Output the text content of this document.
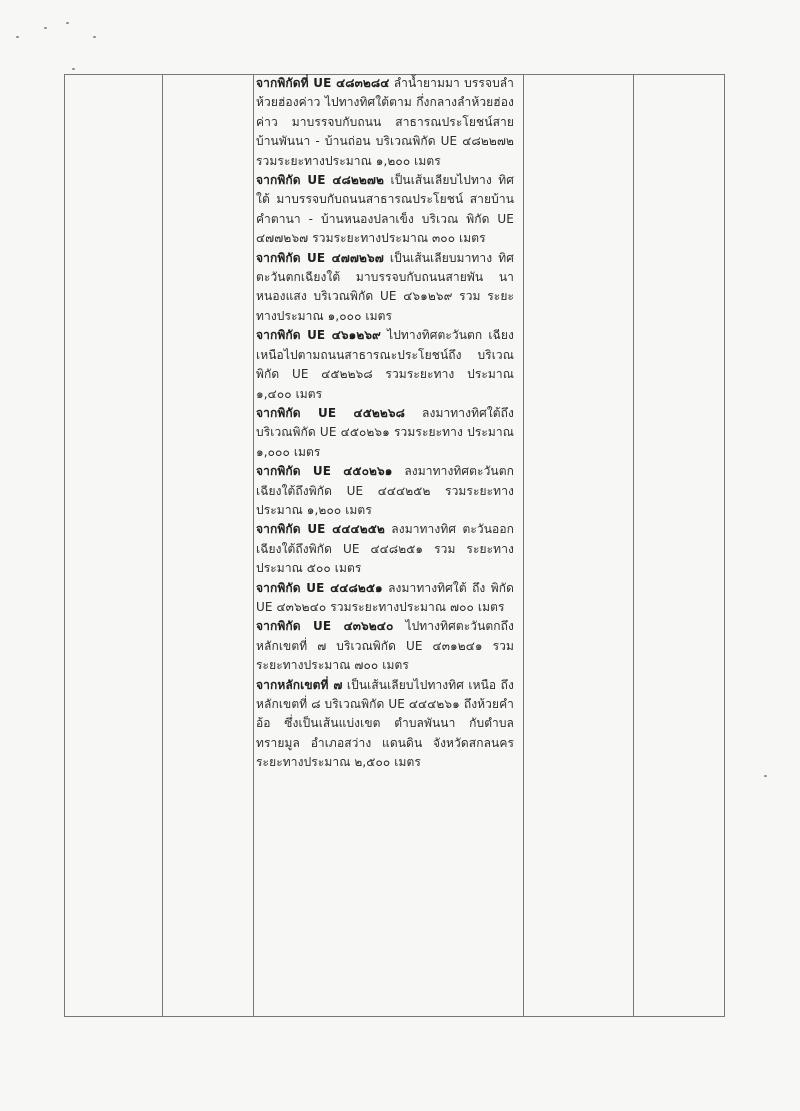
จากพิกัดที่ UE ๔๘๓๒๘๔ ลำน้ำยามมา บรรจบลำห้วยฮ่องค่าว ไปทางทิศใต้ตาม กึ่งกลางลำห้วยฮ่องค่าว มาบรรจบกับถนน สาธารณประโยชน์สายบ้านพันนา - บ้านถ่อน บริเวณพิกัด UE ๔๘๒๒๗๒ รวมระยะทางประมาณ ๑,๒๐๐ เมตร

จากพิกัด UE ๔๘๒๒๗๒ เป็นเส้นเลียบไปทาง ทิศใต้ มาบรรจบกับถนนสาธารณประโยชน์ สายบ้านคำตานา - บ้านหนองปลาเข็ง บริเวณ พิกัด UE ๔๗๗๒๖๗ รวมระยะทางประมาณ ๓๐๐ เมตร

จากพิกัด UE ๔๗๗๒๖๗ เป็นเส้นเลียบมาทาง ทิศตะวันตกเฉียงใต้ มาบรรจบกับถนนสายพัน นาหนองแสง บริเวณพิกัด UE ๔๖๑๒๖๙ รวม ระยะทางประมาณ ๑,๐๐๐ เมตร

จากพิกัด UE ๔๖๑๒๖๙ ไปทางทิศตะวันตก เฉียงเหนือไปตามถนนสาธารณะประโยชน์ถึง บริเวณพิกัด UE ๔๕๒๒๖๘ รวมระยะทาง ประมาณ ๑,๔๐๐ เมตร

จากพิกัด UE ๔๕๒๒๖๘ ลงมาทางทิศใต้ถึง บริเวณพิกัด UE ๔๕๐๒๖๑ รวมระยะทาง ประมาณ ๑,๐๐๐ เมตร

จากพิกัด UE ๔๕๐๒๖๑ ลงมาทางทิศตะวันตก เฉียงใต้ถึงพิกัด UE ๔๔๔๒๕๒ รวมระยะทาง ประมาณ ๑,๒๐๐ เมตร

จากพิกัด UE ๔๔๔๒๕๒ ลงมาทางทิศ ตะวันออกเฉียงใต้ถึงพิกัด UE ๔๔๘๒๕๑ รวม ระยะทางประมาณ ๕๐๐ เมตร

จากพิกัด UE ๔๔๘๒๕๑ ลงมาทางทิศใต้ ถึง พิกัด UE ๔๓๖๒๔๐ รวมระยะทางประมาณ ๗๐๐ เมตร

จากพิกัด UE ๔๓๖๒๔๐ ไปทางทิศตะวันตกถึง หลักเขตที่ ๗ บริเวณพิกัด UE ๔๓๑๒๔๑ รวม ระยะทางประมาณ ๗๐๐ เมตร

จากหลักเขตที่ ๗ เป็นเส้นเลียบไปทางทิศ เหนือ ถึงหลักเขตที่ ๘ บริเวณพิกัด UE ๔๔๔๒๖๑ ถึงห้วยคำอ้อ ซึ่งเป็นเส้นแบ่งเขต ตำบลพันนา กับตำบลทรายมูล อำเภอสว่าง แดนดิน จังหวัดสกลนคร ระยะทางประมาณ ๒,๕๐๐ เมตร
